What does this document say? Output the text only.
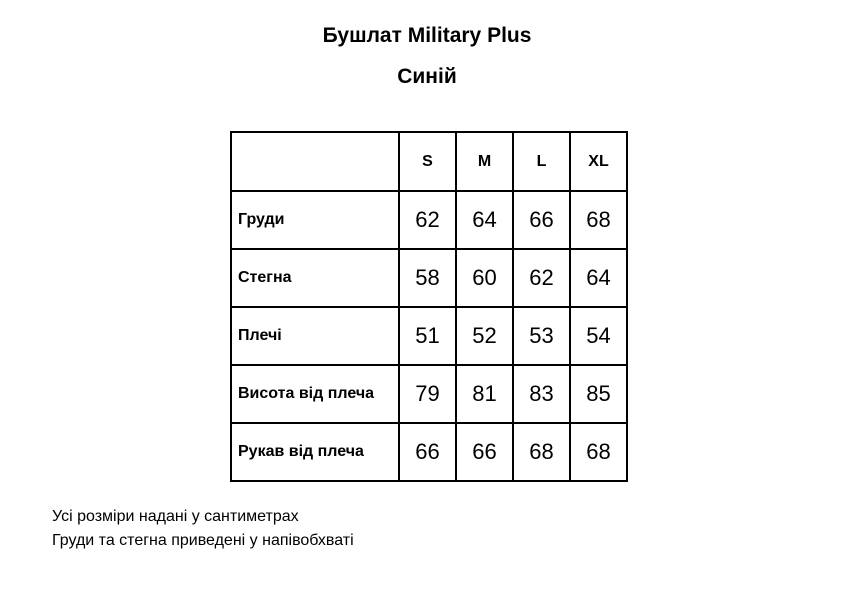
Бушлат Military Plus
Синій
	S	M	L	XL
Груди	62	64	66	68
Стегна	58	60	62	64
Плечі	51	52	53	54
Висота від плеча	79	81	83	85
Рукав від плеча	66	66	68	68
Усі розміри надані у сантиметрах
Груди та стегна приведені у напівобхваті
